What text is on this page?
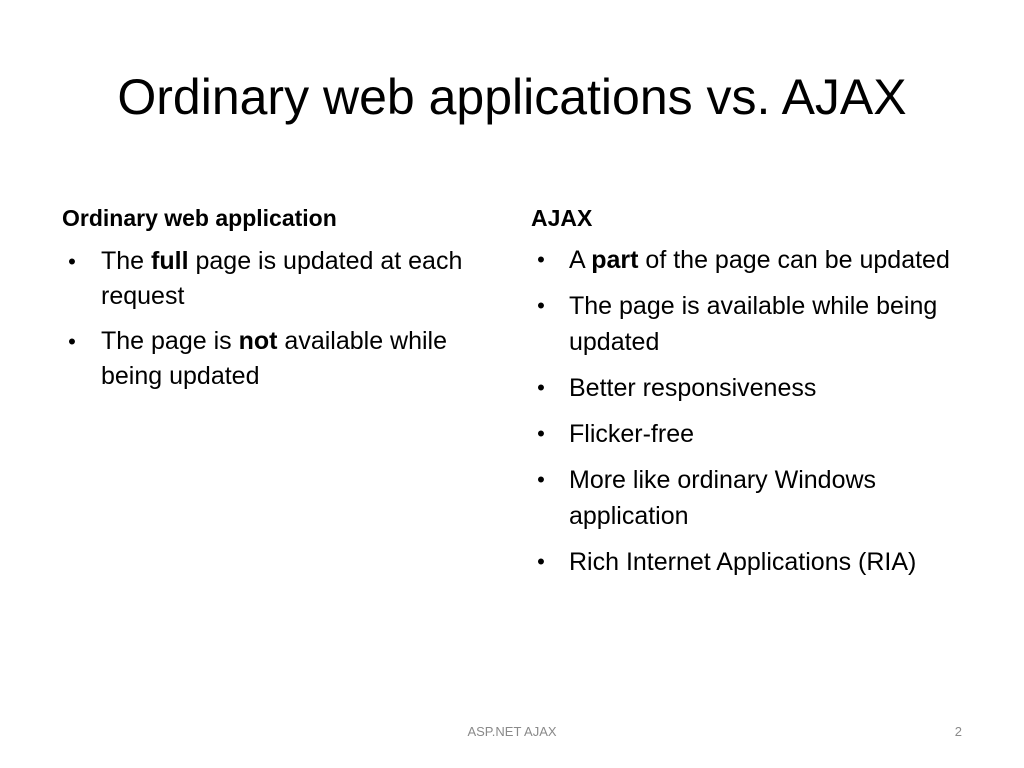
Ordinary web applications vs. AJAX
Ordinary web application
• The full page is updated at each request
• The page is not available while being updated
AJAX
• A part of the page can be updated
• The page is available while being updated
• Better responsiveness
• Flicker-free
• More like ordinary Windows application
• Rich Internet Applications (RIA)
ASP.NET AJAX	2
